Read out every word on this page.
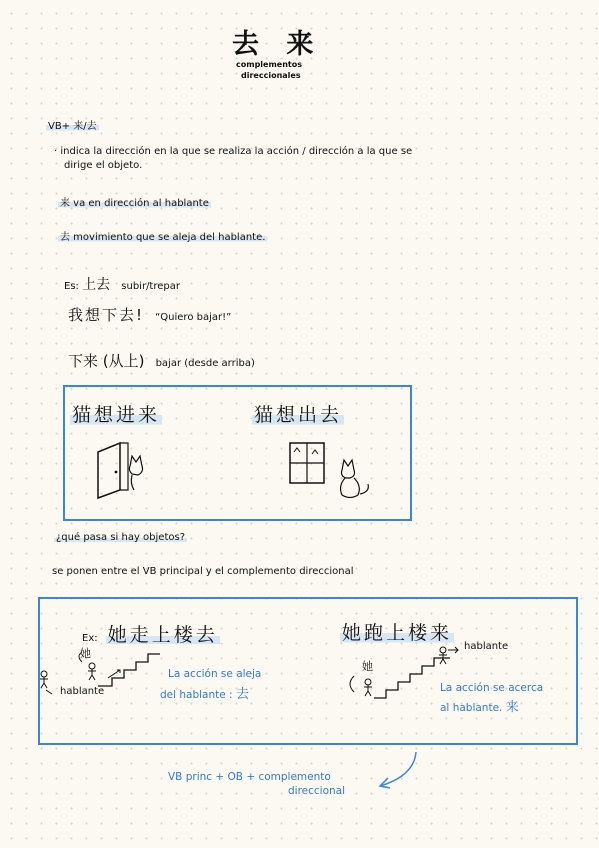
去 来
complementos
direccionales
VB+ 来/去
· indica la dirección en la que se realiza la acción / dirección a la que se
dirige el objeto.
来 va en dirección al hablante
去 movimiento que se aleja del hablante.
Es: 上去 subir/trepar
我想下去! “Quiero bajar!”
下来 (从上) bajar (desde arriba)
猫想进来	猫想出去
¿qué pasa si hay objetos?
se ponen entre el VB principal y el complemento direccional
Ex: 她走上楼去	她跑上楼来
她
她
hablante
hablante
La acción se aleja
del hablante : 去	La acción se acerca
al hablante. 来
VB princ + OB + complemento
direccional
